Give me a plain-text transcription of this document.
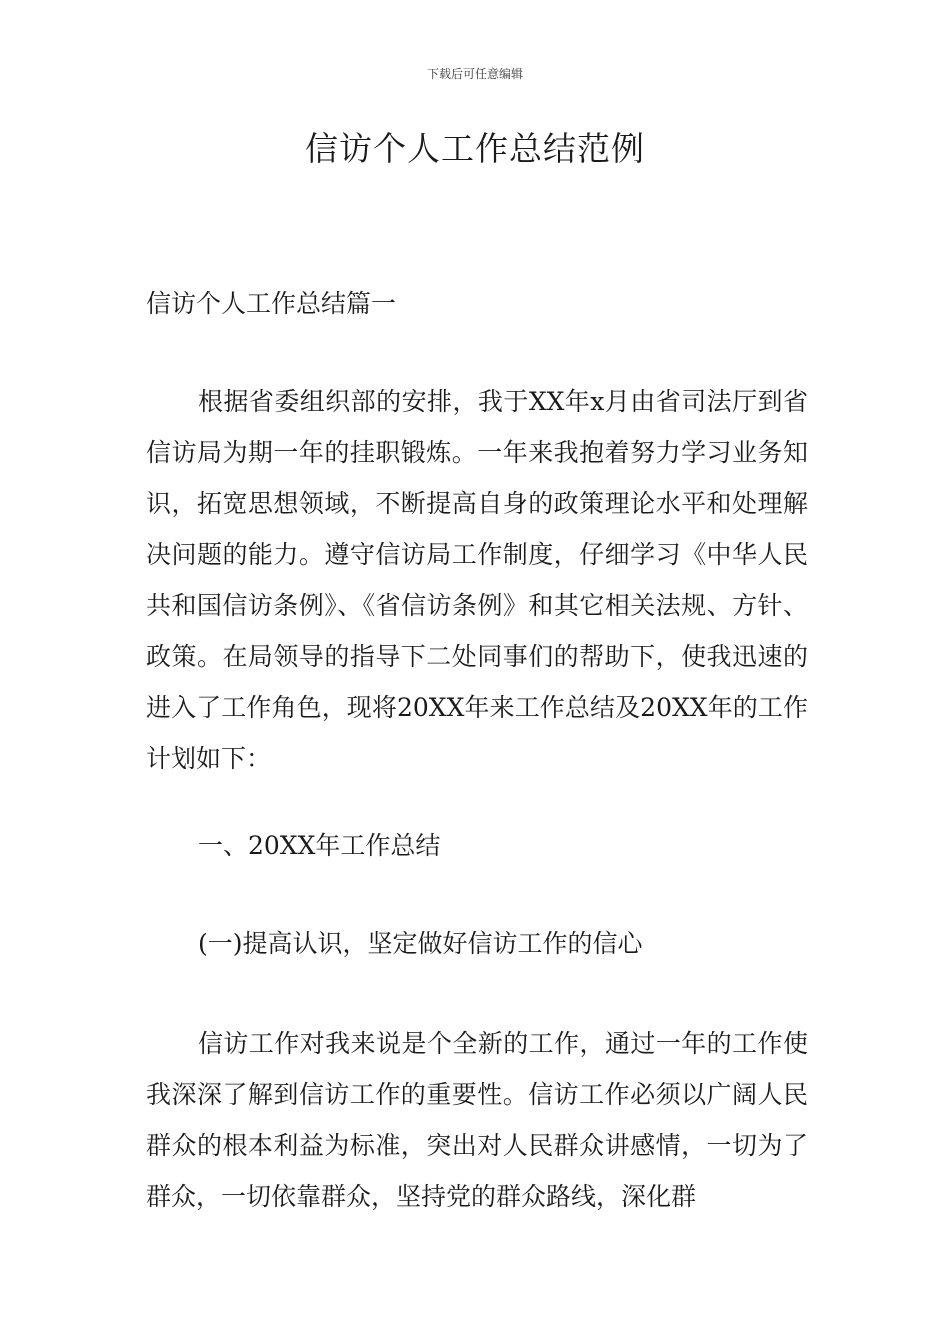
下载后可任意编辑
信访个人工作总结范例

信访个人工作总结篇一

根据省委组织部的安排，我于XX年x月由省司法厅到省信访局为期一年的挂职锻炼。一年来我抱着努力学习业务知识，拓宽思想领域，不断提高自身的政策理论水平和处理解决问题的能力。遵守信访局工作制度，仔细学习《中华人民共和国信访条例》、《省信访条例》和其它相关法规、方针、政策。在局领导的指导下二处同事们的帮助下，使我迅速的进入了工作角色，现将20XX年来工作总结及20XX年的工作计划如下：

一、20XX年工作总结

(一)提高认识，坚定做好信访工作的信心

信访工作对我来说是个全新的工作，通过一年的工作使我深深了解到信访工作的重要性。信访工作必须以广阔人民群众的根本利益为标准，突出对人民群众讲感情，一切为了群众，一切依靠群众，坚持党的群众路线，深化群
